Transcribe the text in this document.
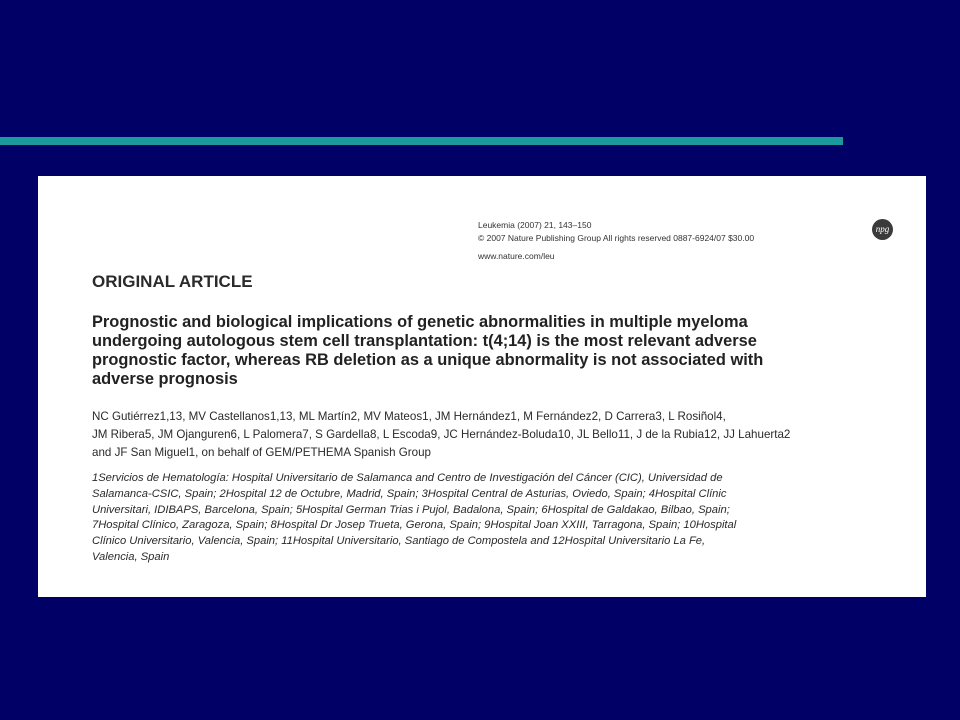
Leukemia (2007) 21, 143–150
© 2007 Nature Publishing Group All rights reserved 0887-6924/07 $30.00
www.nature.com/leu
npg
ORIGINAL ARTICLE
Prognostic and biological implications of genetic abnormalities in multiple myeloma
undergoing autologous stem cell transplantation: t(4;14) is the most relevant adverse
prognostic factor, whereas RB deletion as a unique abnormality is not associated with
adverse prognosis
NC Gutiérrez1,13, MV Castellanos1,13, ML Martín2, MV Mateos1, JM Hernández1, M Fernández2, D Carrera3, L Rosiñol4,
JM Ribera5, JM Ojanguren6, L Palomera7, S Gardella8, L Escoda9, JC Hernández-Boluda10, JL Bello11, J de la Rubia12, JJ Lahuerta2
and JF San Miguel1, on behalf of GEM/PETHEMA Spanish Group
1Servicios de Hematología: Hospital Universitario de Salamanca and Centro de Investigación del Cáncer (CIC), Universidad de
Salamanca-CSIC, Spain; 2Hospital 12 de Octubre, Madrid, Spain; 3Hospital Central de Asturias, Oviedo, Spain; 4Hospital Clínic
Universitari, IDIBAPS, Barcelona, Spain; 5Hospital German Trias i Pujol, Badalona, Spain; 6Hospital de Galdakao, Bilbao, Spain;
7Hospital Clínico, Zaragoza, Spain; 8Hospital Dr Josep Trueta, Gerona, Spain; 9Hospital Joan XXIII, Tarragona, Spain; 10Hospital
Clínico Universitario, Valencia, Spain; 11Hospital Universitario, Santiago de Compostela and 12Hospital Universitario La Fe,
Valencia, Spain
